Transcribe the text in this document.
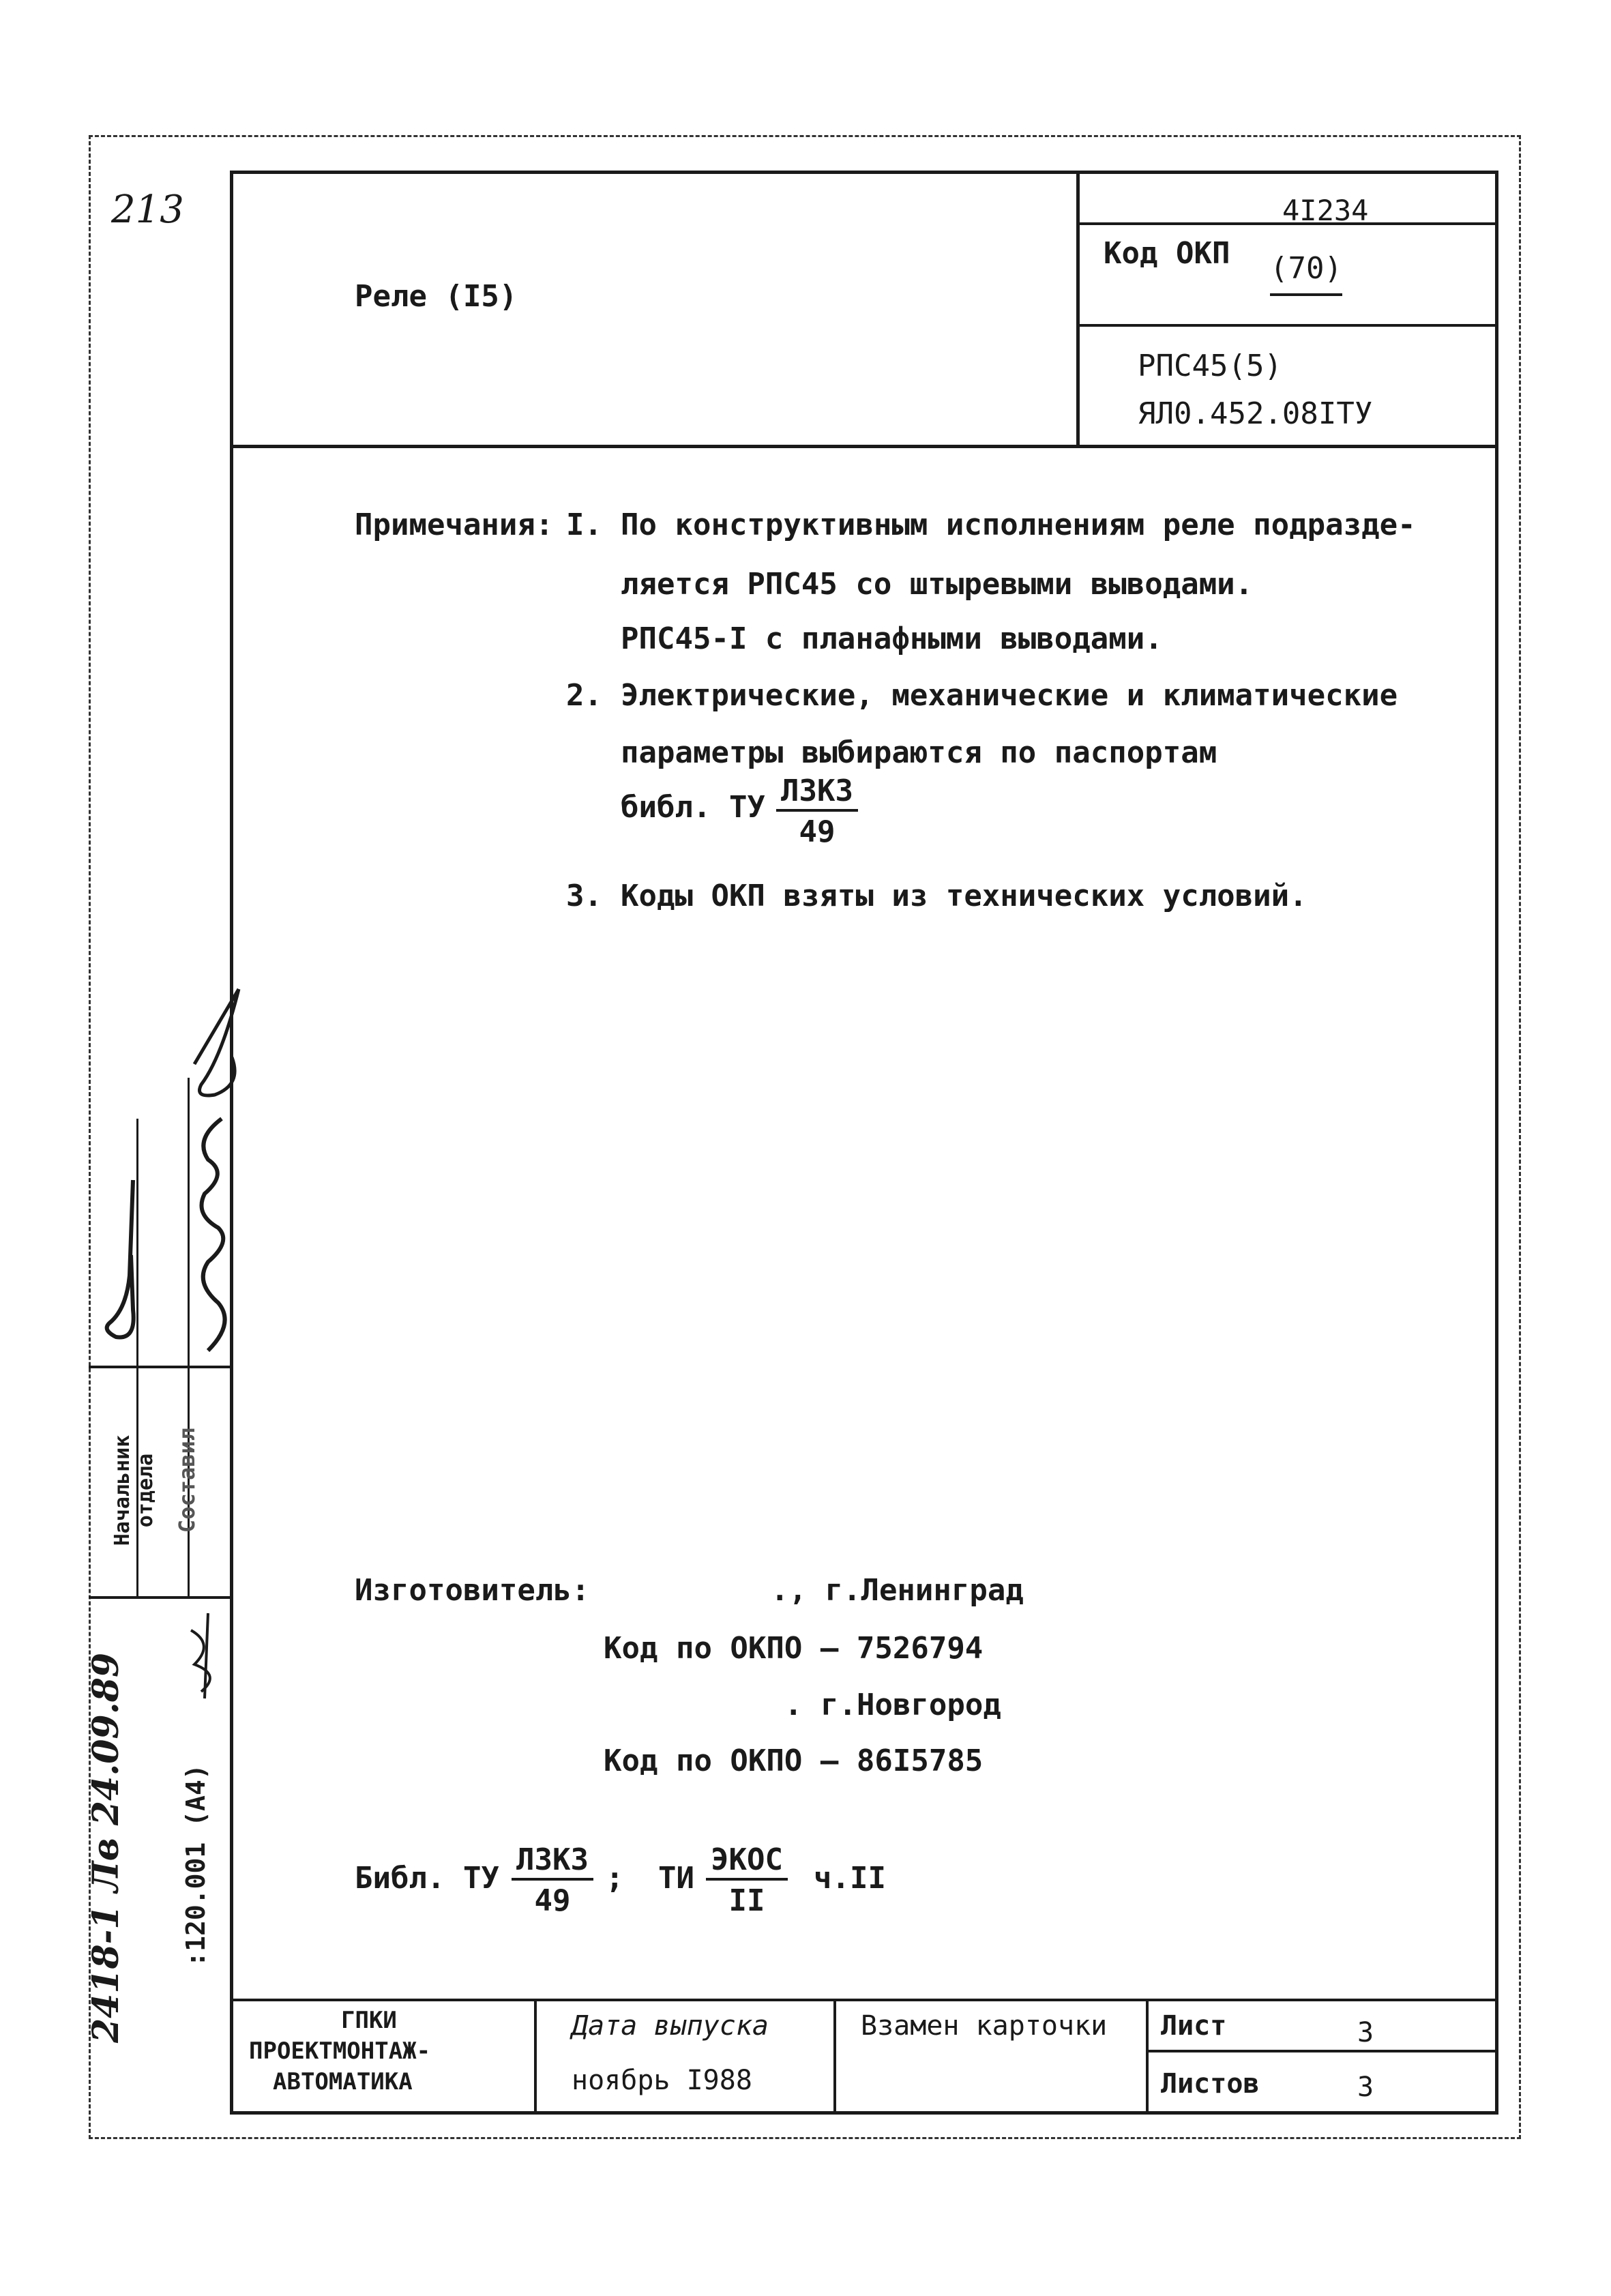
213
Реле (I5)
4I234
Код ОКП (70)
РПС45(5)
ЯЛ0.452.08ITУ
Примечания: I. По конструктивным исполнениям реле подразде-
ляется РПС45 со штыревыми выводами.
РПС45-I с планафными выводами.
2. Электрические, механические и климатические
параметры выбираются по паспортам
библ. ТУ ЛЗКЗ
49
3. Коды ОКП взяты из технических условий.
Начальник отдела Составил
:120.001 (А4)
2418-1 Лв 24.09.89
Изготовитель:	., г.Ленинград
Код по ОКПО – 7526794
. г.Новгород
Код по ОКПО – 86I5785
Библ. ТУ
ЛЗКЗ
49
; ТИ
ЭКОС
II
ч.II
ГПКИ
ПРОЕКТМОНТАЖ-
АВТОМАТИКА
Дата выпуска
ноябрь I988
Взамен карточки Лист	3
Листов	3
